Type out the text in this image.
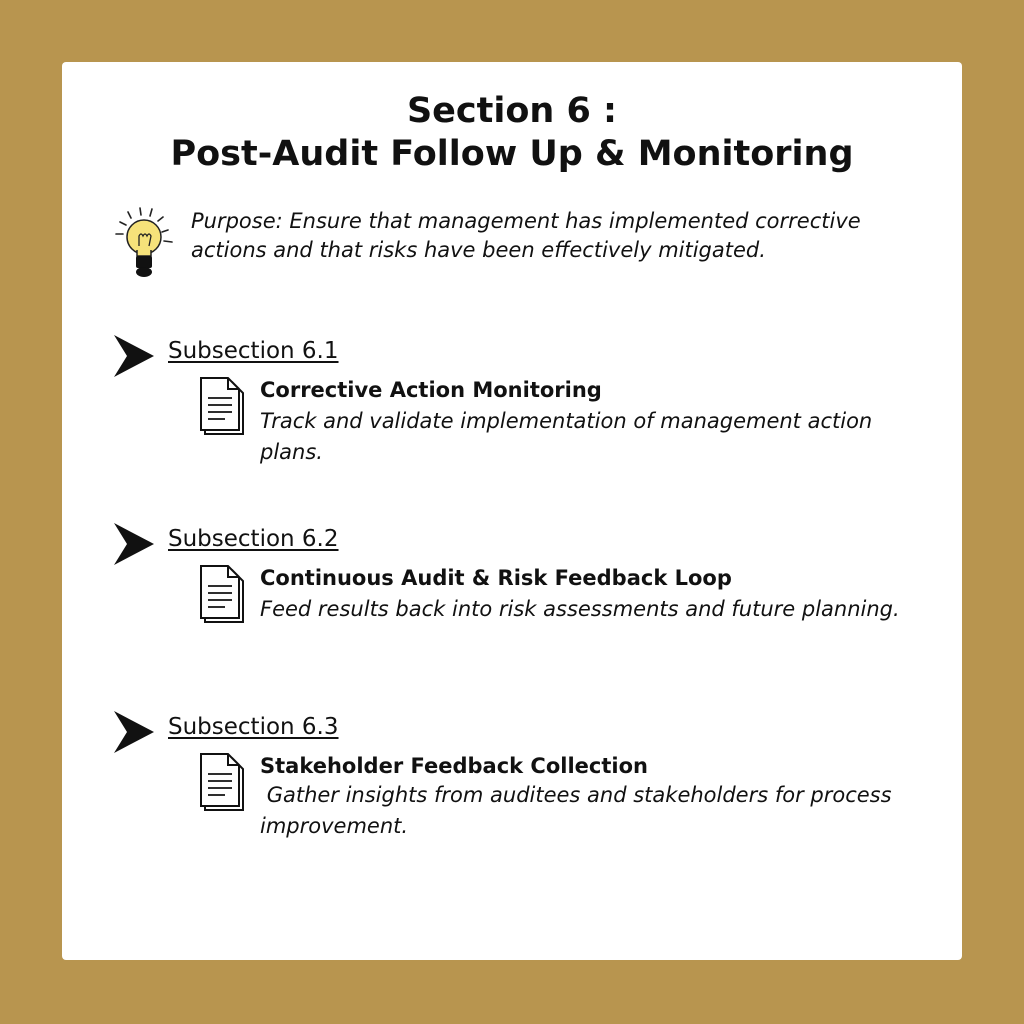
Section 6 :
Post-Audit Follow Up & Monitoring
Purpose: Ensure that management has implemented corrective actions and that risks have been effectively mitigated.
Subsection 6.1
Corrective Action Monitoring
Track and validate implementation of management action plans.
Subsection 6.2
Continuous Audit & Risk Feedback Loop
Feed results back into risk assessments and future planning.
Subsection 6.3
Stakeholder Feedback Collection
Gather insights from auditees and stakeholders for process improvement.
